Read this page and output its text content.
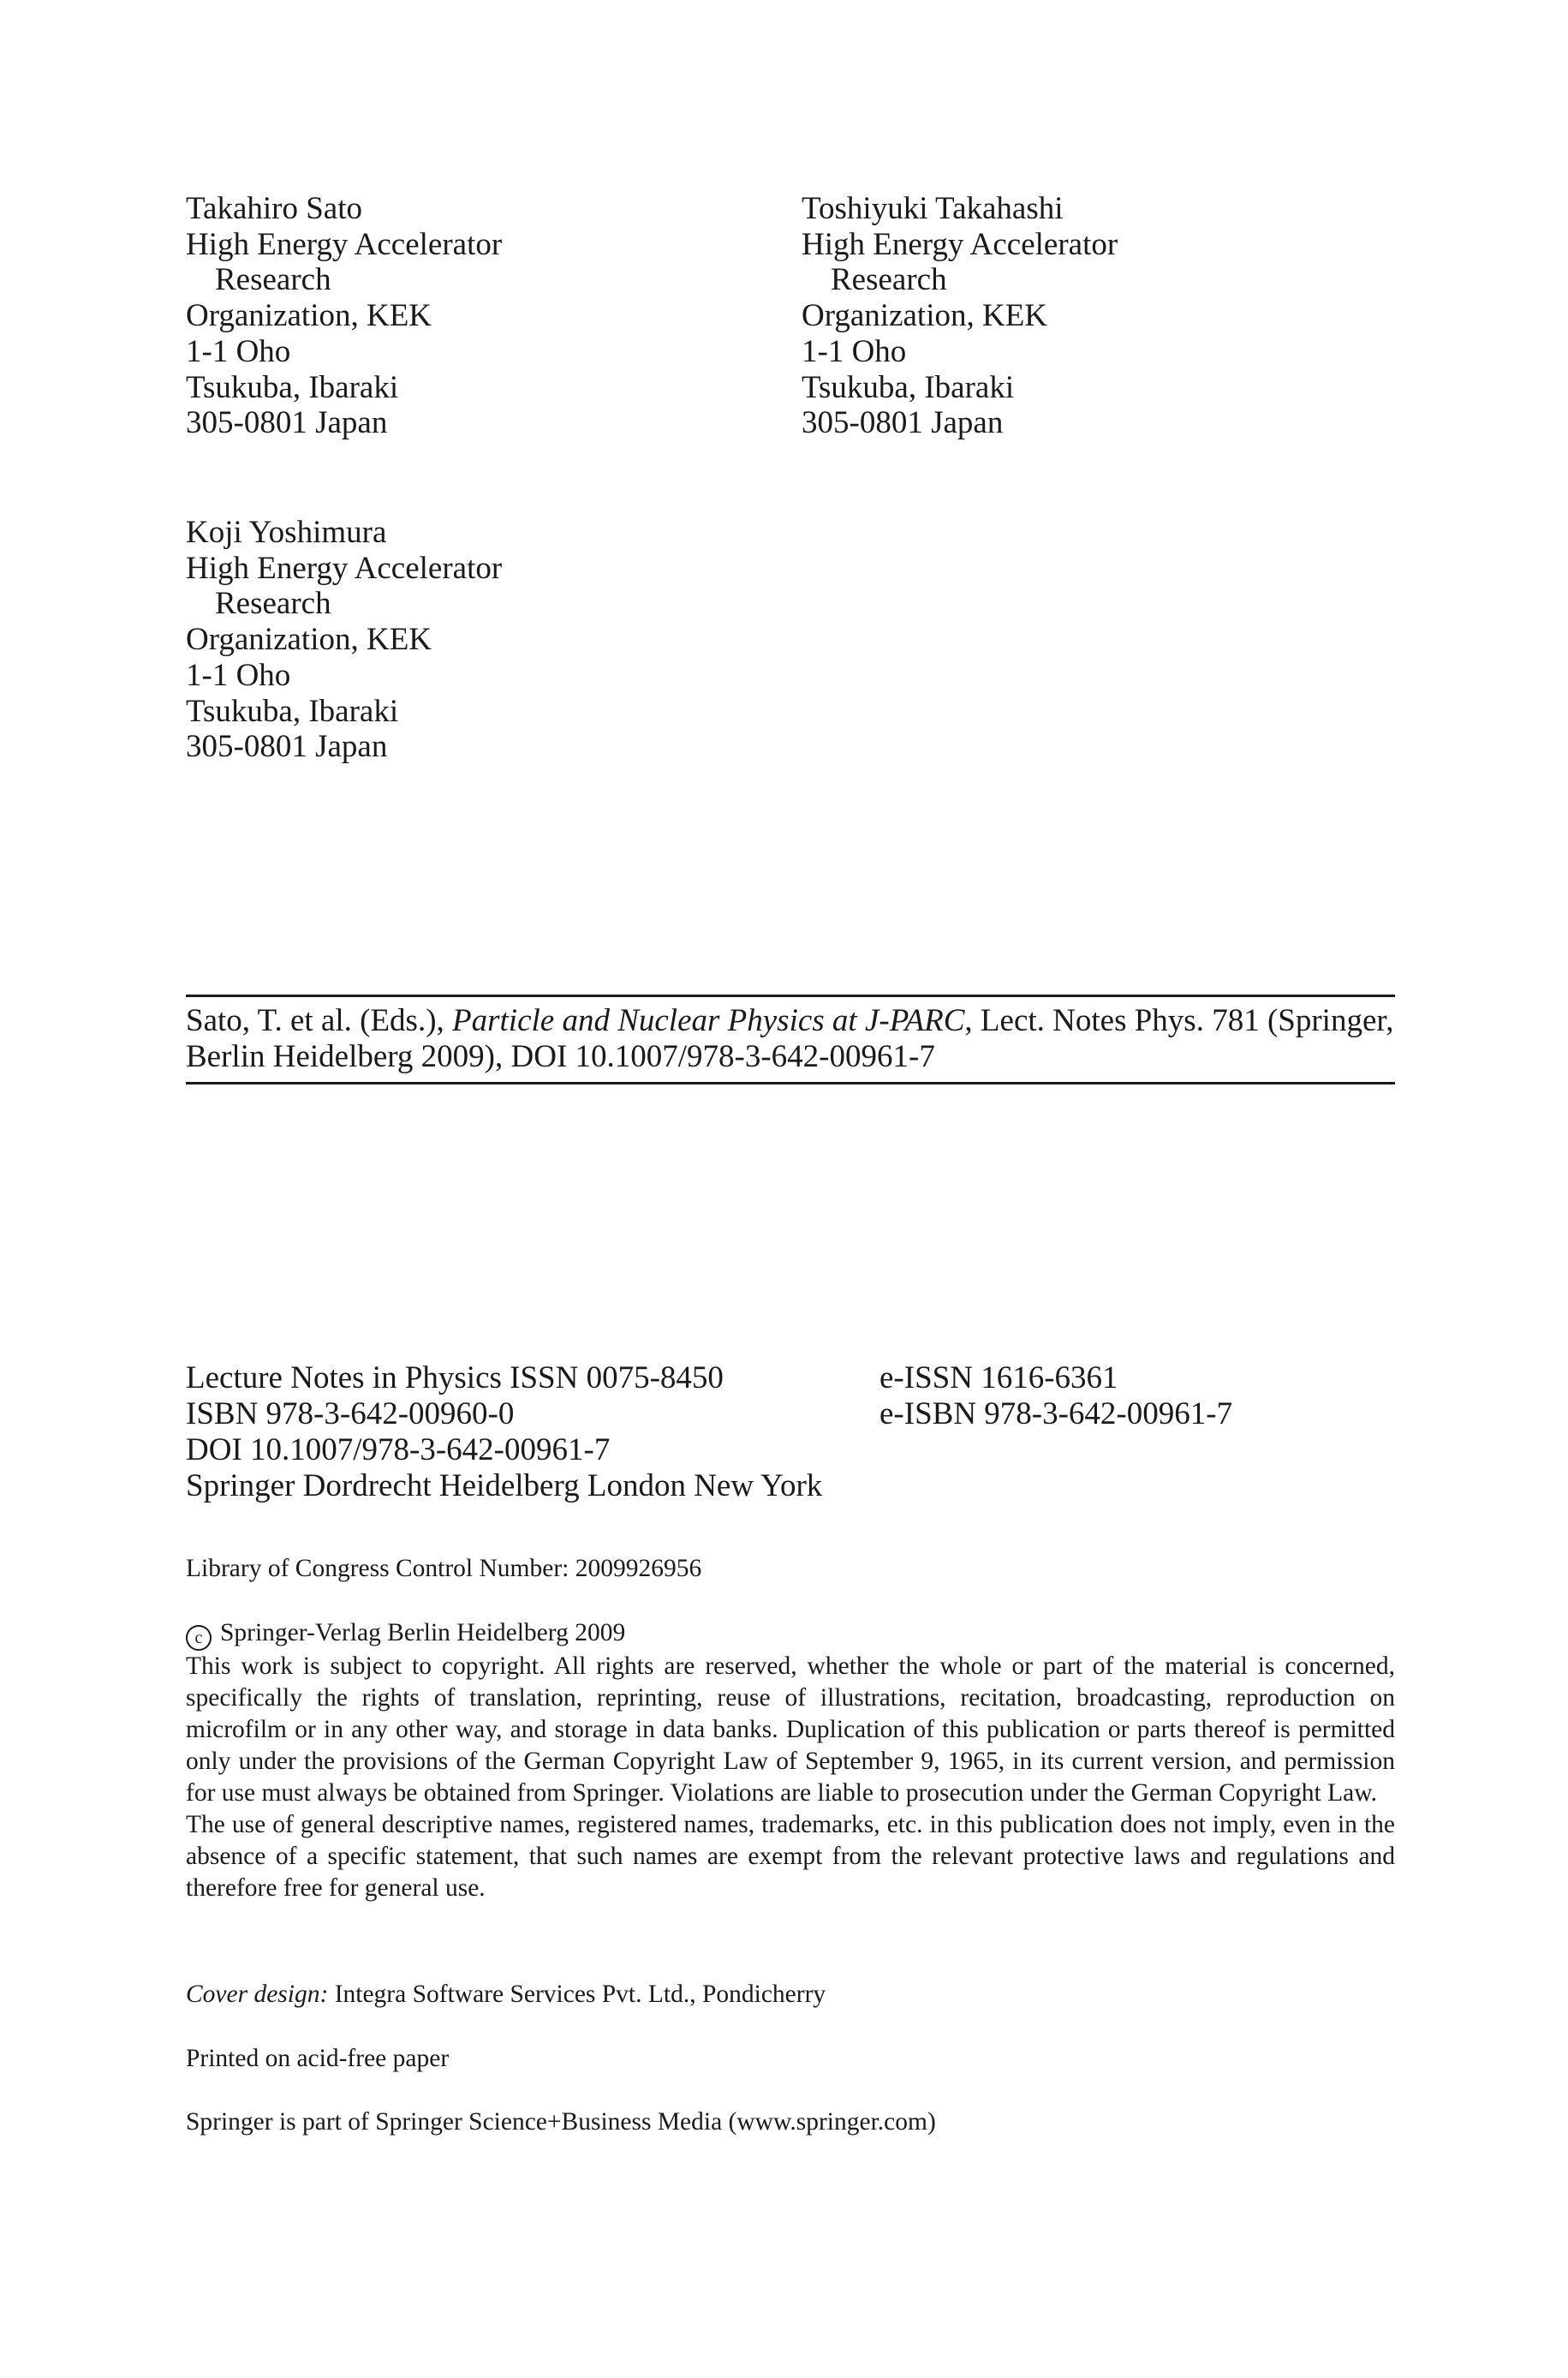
Takahiro Sato
High Energy Accelerator
Research
Organization, KEK
1-1 Oho
Tsukuba, Ibaraki
305-0801 Japan
Toshiyuki Takahashi
High Energy Accelerator
Research
Organization, KEK
1-1 Oho
Tsukuba, Ibaraki
305-0801 Japan
Koji Yoshimura
High Energy Accelerator
Research
Organization, KEK
1-1 Oho
Tsukuba, Ibaraki
305-0801 Japan
Sato, T. et al. (Eds.), Particle and Nuclear Physics at J-PARC, Lect. Notes Phys. 781 (Springer, Berlin Heidelberg 2009), DOI 10.1007/978-3-642-00961-7
Lecture Notes in Physics ISSN 0075-8450
ISBN 978-3-642-00960-0
DOI 10.1007/978-3-642-00961-7
Springer Dordrecht Heidelberg London New York
e-ISSN 1616-6361
e-ISBN 978-3-642-00961-7
Library of Congress Control Number: 2009926956
c Springer-Verlag Berlin Heidelberg 2009
This work is subject to copyright. All rights are reserved, whether the whole or part of the material is concerned, specifically the rights of translation, reprinting, reuse of illustrations, recitation, broadcasting, reproduction on microfilm or in any other way, and storage in data banks. Duplication of this publication or parts thereof is permitted only under the provisions of the German Copyright Law of September 9, 1965, in its current version, and permission for use must always be obtained from Springer. Violations are liable to prosecution under the German Copyright Law.
The use of general descriptive names, registered names, trademarks, etc. in this publication does not imply, even in the absence of a specific statement, that such names are exempt from the relevant protective laws and regulations and therefore free for general use.
Cover design: Integra Software Services Pvt. Ltd., Pondicherry
Printed on acid-free paper
Springer is part of Springer Science+Business Media (www.springer.com)
